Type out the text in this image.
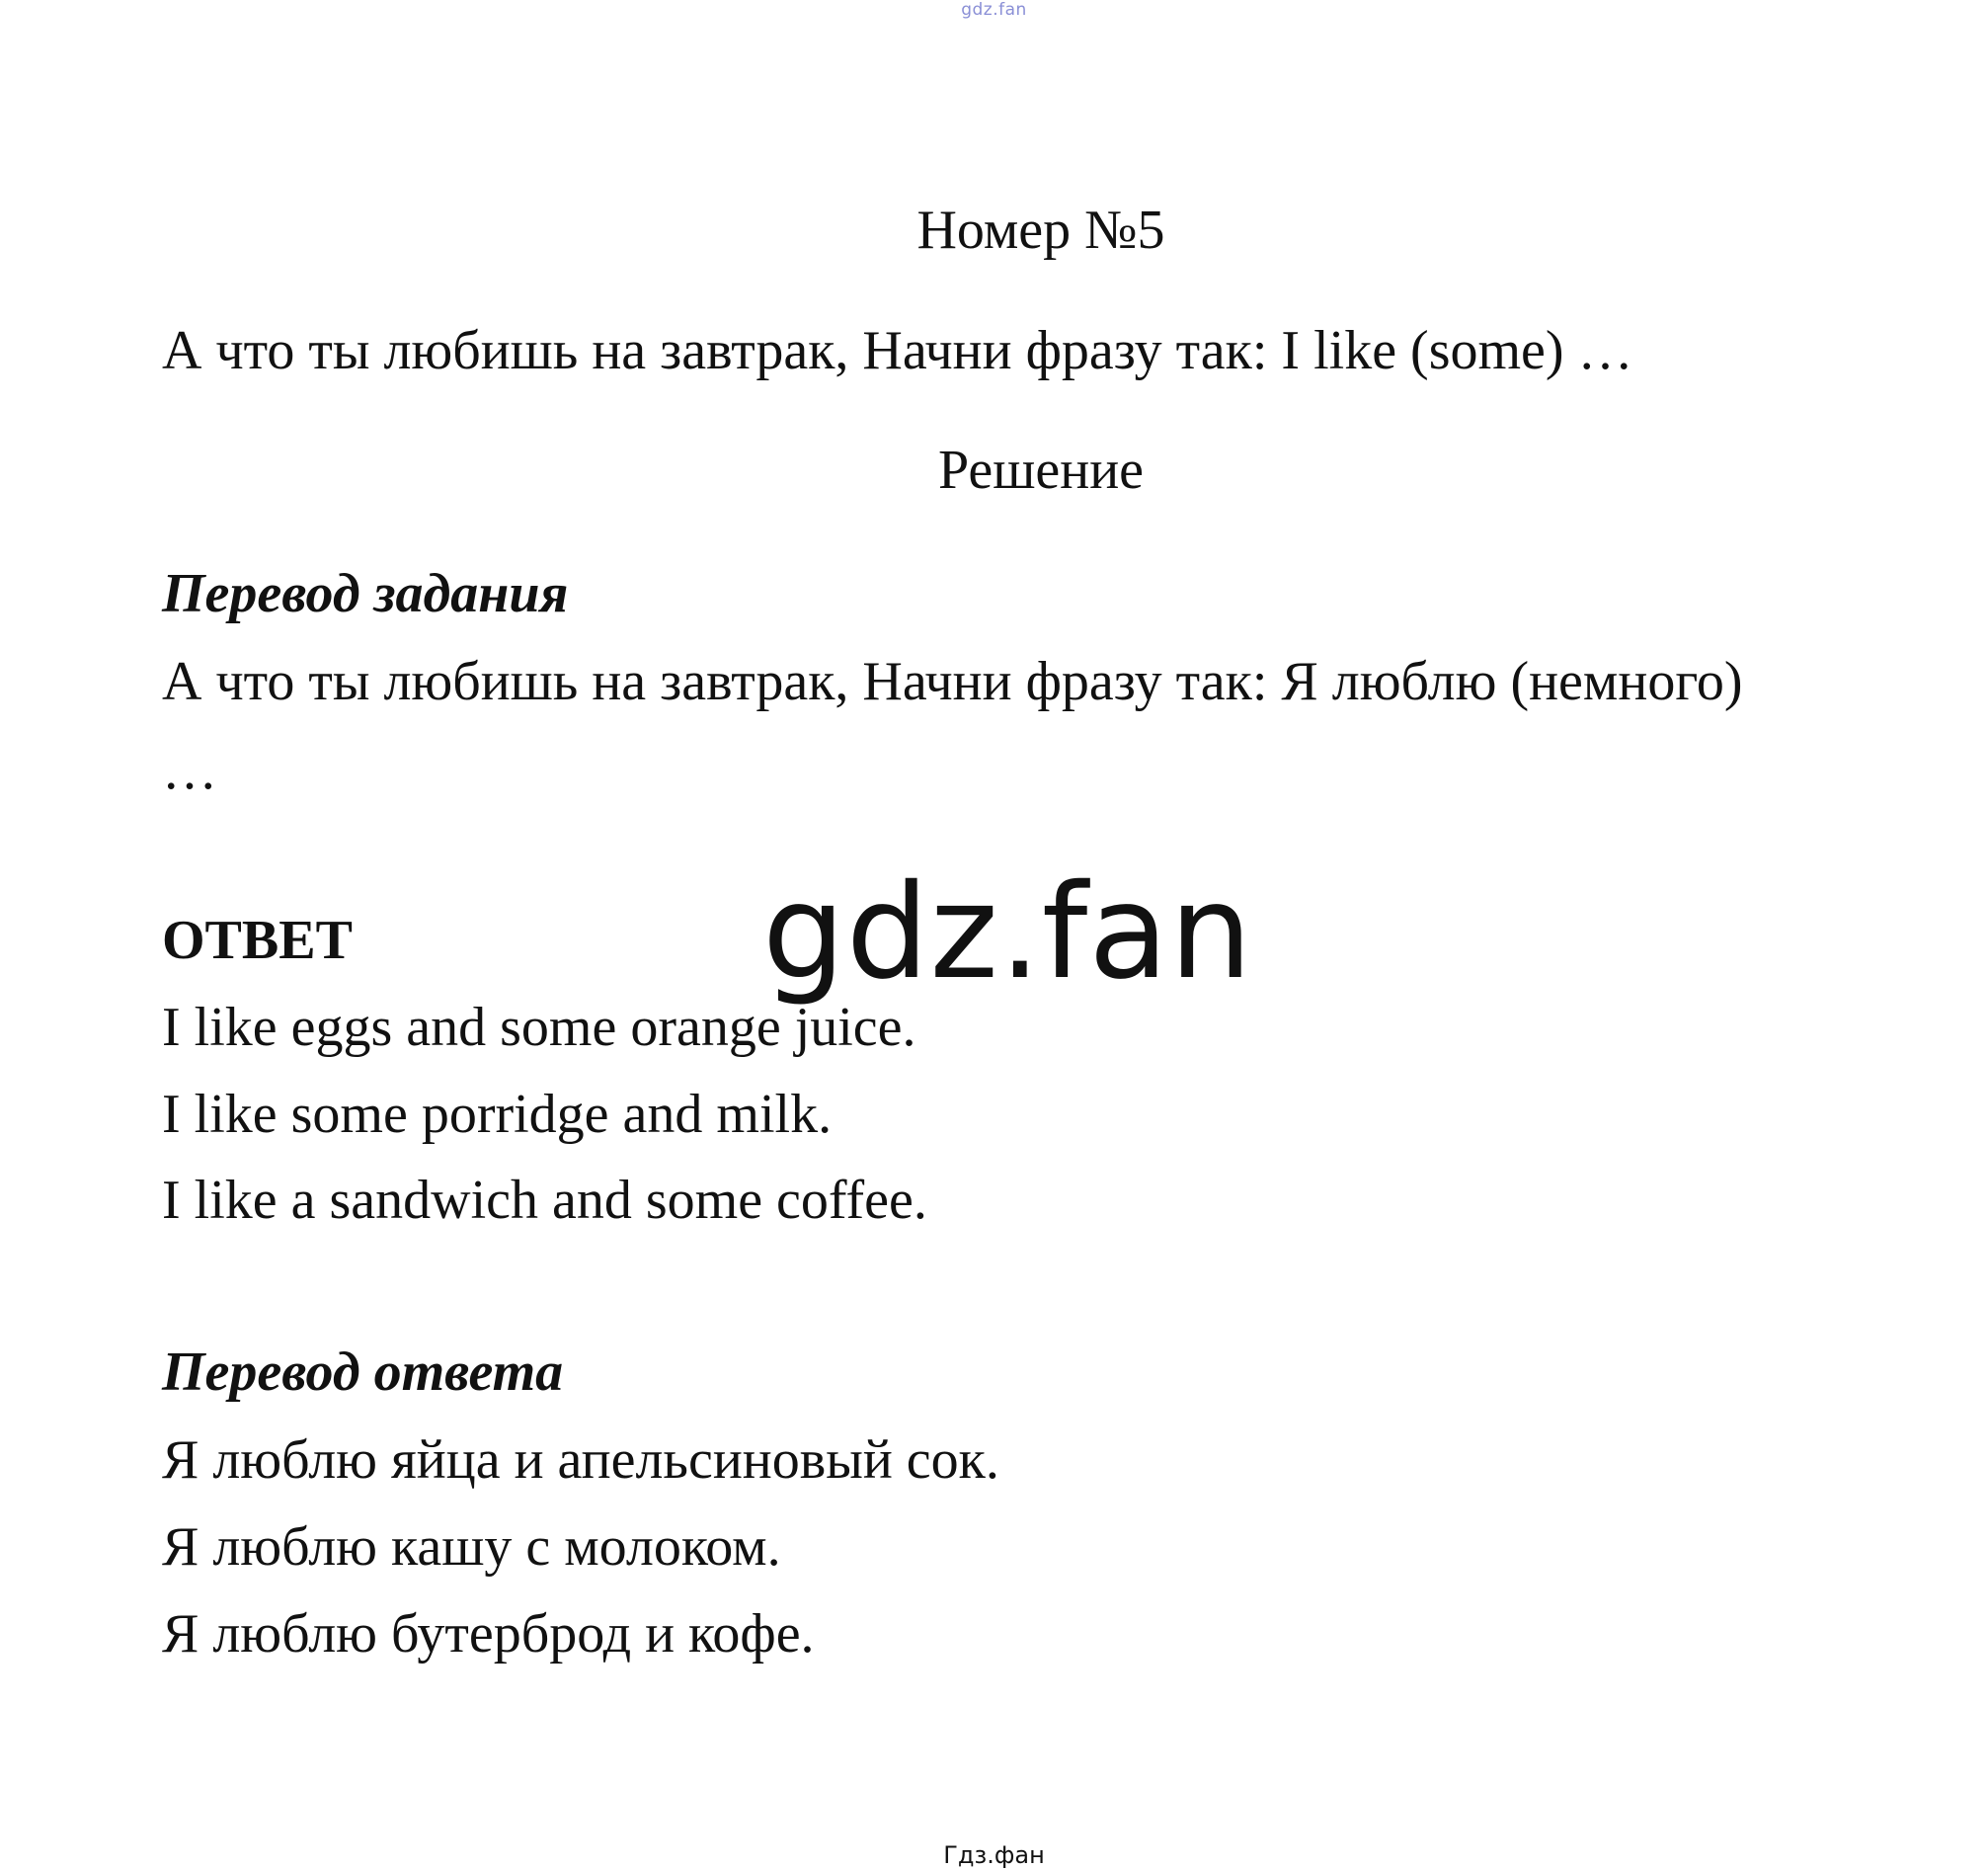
gdz.fan
Номер №5
А что ты любишь на завтрак, Начни фразу так: I like (some) …
Решение
Перевод задания
А что ты любишь на завтрак, Начни фразу так: Я люблю (немного)
…
ОТВЕТ
I like eggs and some orange juice.
I like some porridge and milk.
I like a sandwich and some coffee.
Перевод ответа
Я люблю яйца и апельсиновый сок.
Я люблю кашу с молоком.
Я люблю бутерброд и кофе.
gdz.fan
Гдз.фан
